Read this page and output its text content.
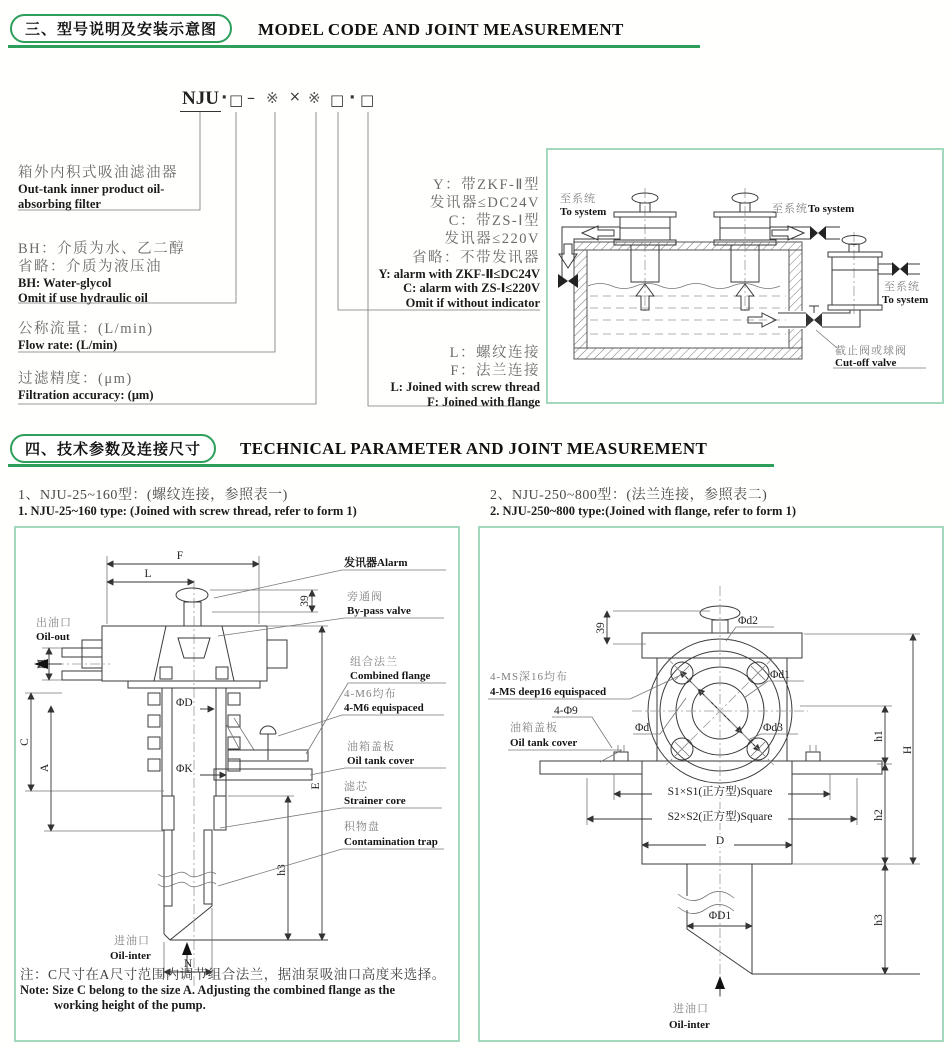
三、型号说明及安装示意图	MODEL CODE AND JOINT MEASUREMENT
NJU · □ – ※ × ※ □ · □
箱外内积式吸油滤油器
Out-tank inner product oil-
absorbing filter
BH：介质为水、乙二醇
省略：介质为液压油
BH: Water-glycol
Omit if use hydraulic oil
公称流量：(L/min)
Flow rate: (L/min)
过滤精度：(μm)
Filtration accuracy: (μm)
Y：带ZKF-Ⅱ型
发讯器≤DC24V
C：带ZS-Ⅰ型
发讯器≤220V
省略：不带发讯器
Y: alarm with ZKF-Ⅱ≤DC24V
C: alarm with ZS-Ⅰ≤220V
Omit if without indicator
L：螺纹连接
F：法兰连接
L: Joined with screw thread
F: Joined with flange
至系统
To system	至系统 To system
至系统
To system
截止阀或球阀
Cut-off valve
四、技术参数及连接尺寸	TECHNICAL PARAMETER AND JOINT MEASUREMENT
1、NJU-25~160型：(螺纹连接，参照表一)
1. NJU-25~160 type: (Joined with screw thread, refer to form 1)
2、NJU-250~800型：(法兰连接，参照表二)
2. NJU-250~800 type:(Joined with flange, refer to form 1)
F
L
39
C
A
ΦD
ΦK
E
h3
N
出油口
Oil-out
进油口
Oil-inter
发讯器Alarm
旁通阀
By-pass valve
组合法兰
Combined flange
4-M6均布
4-M6 equispaced
油箱盖板
Oil tank cover
滤芯
Strainer core
积物盘
Contamination trap
注：C尺寸在A尺寸范围内调节组合法兰，据油泵吸油口高度来选择。
Note: Size C belong to the size A. Adjusting the combined flange as the
working height of the pump.
39
Φd2
Φd1
Φd3
Φd
S1×S1(正方型)Square
S2×S2(正方型)Square
D
h1
H
h2
h3
ΦD1
4-MS深16均布
4-MS deep16 equispaced
4-Φ9
油箱盖板
Oil tank cover
进油口
Oil-inter
